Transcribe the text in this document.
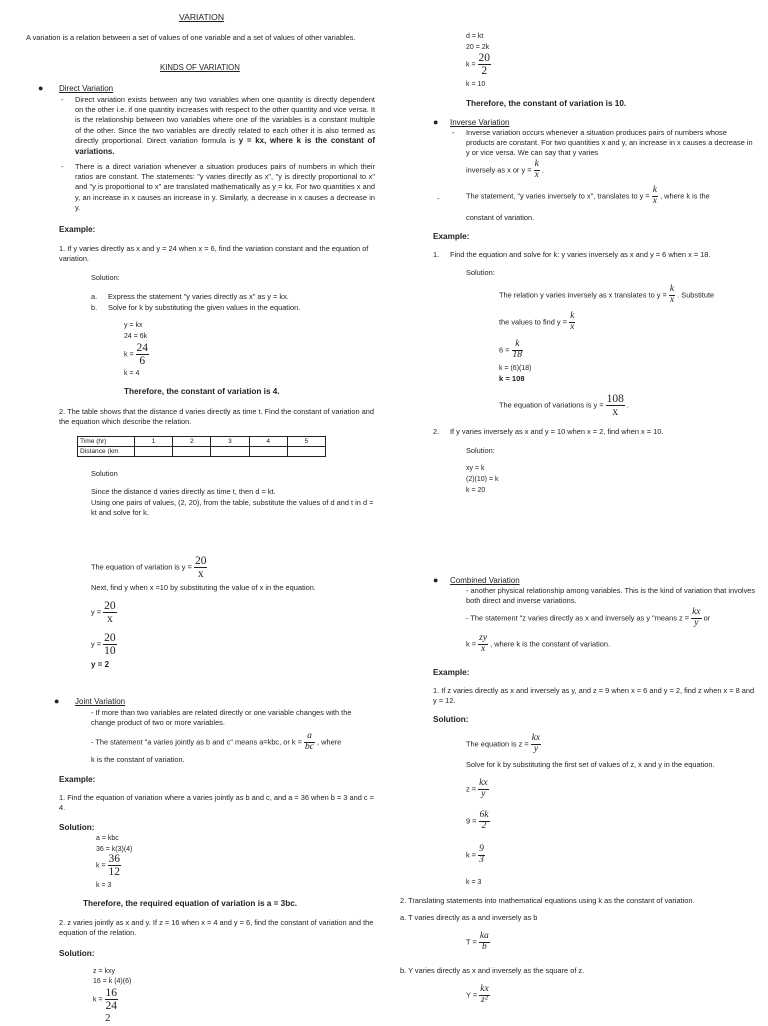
VARIATION
A variation is a relation between a set of values of one variable and a set of values of other variables.
KINDS OF VARIATION
● Direct Variation
- Direct variation exists between any two variables when one quantity is directly dependent on the other i.e. if one quantity increases with respect to the other quantity and vice versa. It is the relationship between two variables where one of the variables is a constant multiple of the other. Since the two variables are directly related to each other it is also termed as directly proportional. Direct variation formula is y = kx, where k is the constant of variations.
- There is a direct variation whenever a situation produces pairs of numbers in which their ratios are constant. The statements: "y varies directly as x", "y is directly proportional to x" and "y is proportional to x" are translated mathematically as y = kx. For two quantities x and y, an increase in x causes an increase in y. Similarly, a decrease in x causes a decrease in y.
Example:
1. If y varies directly as x and y = 24 when x = 6, find the variation constant and the equation of variation.
Solution:
a. Express the statement "y varies directly as x" as y = kx.
b. Solve for k by substituting the given values in the equation.
y = kx
24 = 6k
$k = \frac{24}{6}$
k = 4
Therefore, the constant of variation is 4.
2. The table shows that the distance d varies directly as time t. Find the constant of variation and the equation which describe the relation.
Time (hr)	1	2	3	4	5
Distance (km					
Solution
Since the distance d varies directly as time t, then d = kt.
Using one pairs of values, (2, 20), from the table, substitute the values of d and t in d = kt and solve for k.
The equation of variation is $y = \frac{20}{x}$
Next, find y when x =10 by substituting the value of x in the equation.
$y = \frac{20}{x}$
$y = \frac{20}{10}$
y = 2
● Joint Variation
- If more than two variables are related directly or one variable changes with the change product of two or more variables.
- The statement "a varies jointly as b and c" means a=kbc, or $k = \frac{a}{bc}$ , where
k is the constant of variation.
Example:
1. Find the equation of variation where a varies jointly as b and c, and a = 36 when b = 3 and c = 4.
Solution:
a = kbc
36 = k(3)(4)
$k = \frac{36}{12}$
k = 3
Therefore, the required equation of variation is a = 3bc.
2. z varies jointly as x and y. If z = 16 when x = 4 and y = 6, find the constant of variation and the equation of the relation.
Solution:
z = kxy
16 = k (4)(6)
$k = \frac{16}{24}$
2
d = kt
20 = 2k
$k = \frac{20}{2}$
k = 10
Therefore, the constant of variation is 10.
● Inverse Variation
- Inverse variation occurs whenever a situation produces pairs of numbers whose products are constant. For two quantities x and y, an increase in x causes a decrease in y or vice versa. We can say that y varies
inversely as x or $y = \frac{k}{x}$ .
-	The statement, "y varies inversely to x", translates to $y = \frac{k}{x}$ , where k is the
constant of variation.
Example:
1. Find the equation and solve for k: y varies inversely as x and y = 6 when x = 18.
Solution:
The relation y varies inversely as x translates to $y = \frac{k}{x}$ . Substitute
the values to find $y = \frac{k}{x}$
$6 = \frac{k}{18}$
k = (6)(18)
k = 108
The equation of variations is $y = \frac{108}{x}$ .
2. If y varies inversely as x and y = 10 when x = 2, find when x = 10.
Solution:
xy = k
(2)(10) = k
k = 20
● Combined Variation
- another physical relationship among variables. This is the kind of variation that involves both direct and inverse variations.
- The statement "z varies directly as x and inversely as y "means $z = \frac{kx}{y}$ or
$k = \frac{zy}{x}$ , where k is the constant of variation.
Example:
1. If z varies directly as x and inversely as y, and z = 9 when x = 6 and y = 2, find z when x = 8 and y = 12.
Solution:
The equation is $z = \frac{kx}{y}$
Solve for k by substituting the first set of values of z, x and y in the equation.
$z = \frac{kx}{y}$
$9 = \frac{6k}{2}$
$k = \frac{9}{3}$
k = 3
2. Translating statements into mathematical equations using k as the constant of variation.
a. T varies directly as a and inversely as b
$T = \frac{ka}{b}$
b. Y varies directly as x and inversely as the square of z.
$Y = \frac{kx}{\text{z²}}$
